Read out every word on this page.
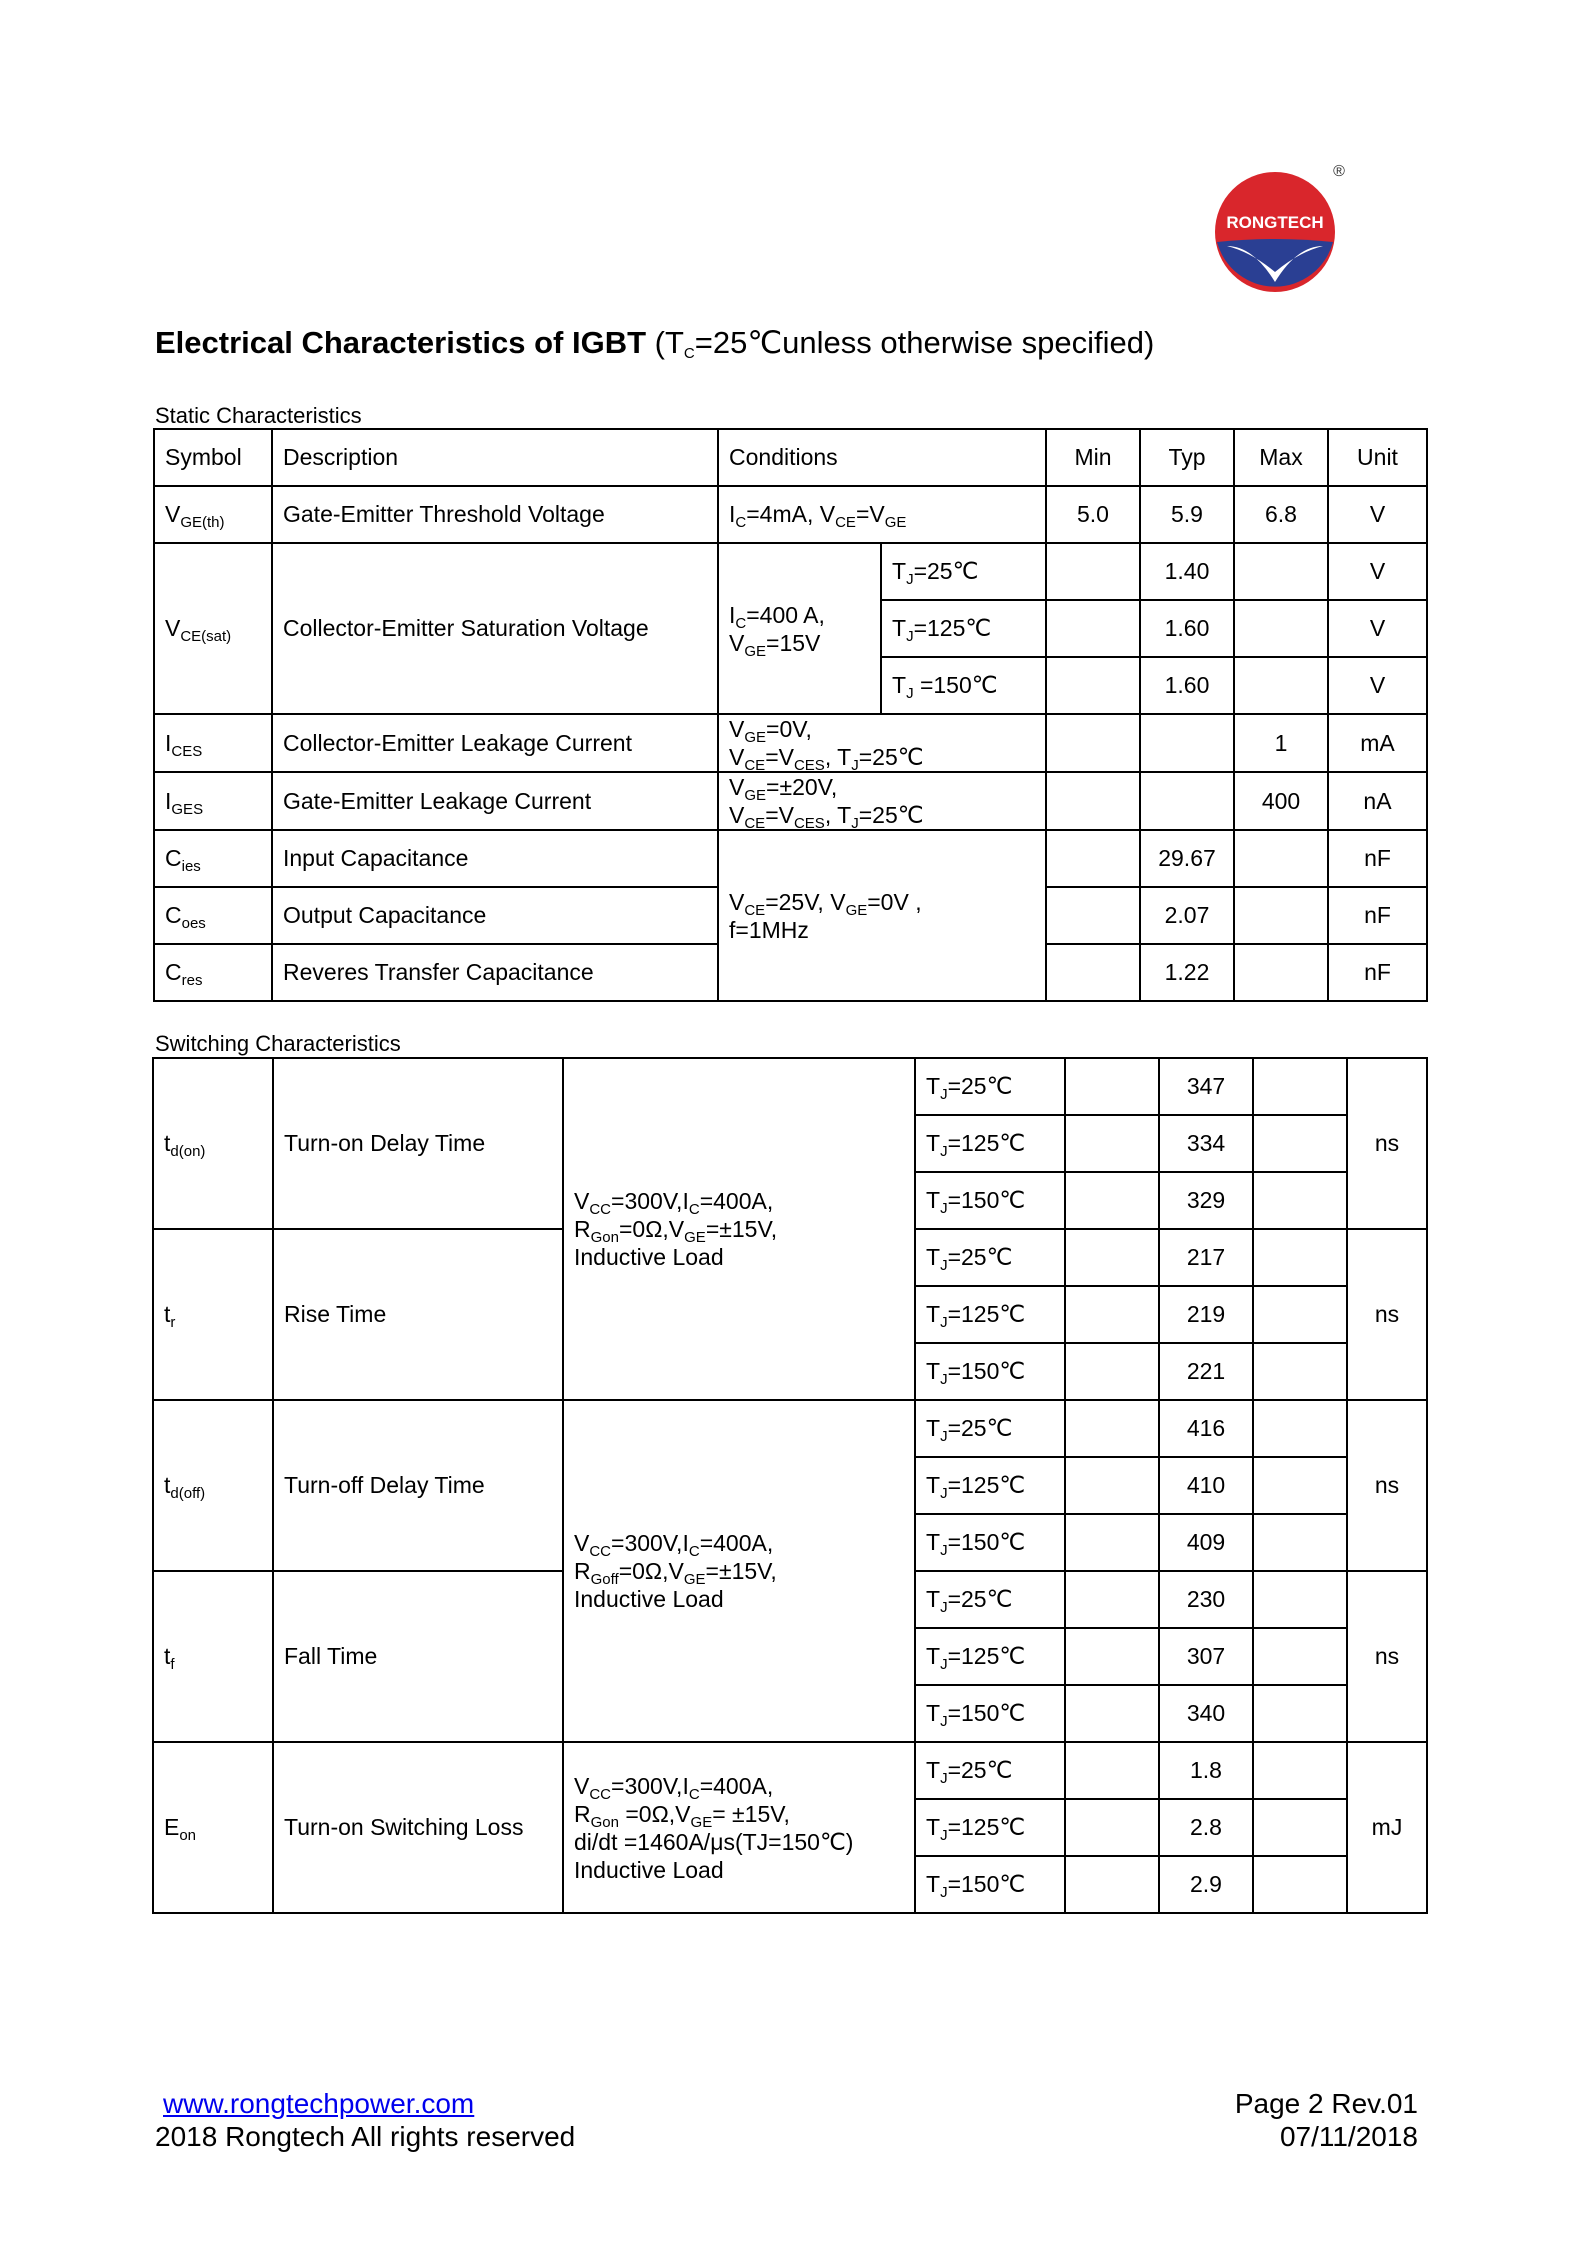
RONGTECH
®
Electrical Characteristics of IGBT ($T_C=25℃unless$ otherwise specified)
Static Characteristics
Symbol	Description	Conditions		Min	Typ	Max	Unit
$V_{GE(th)}$	Gate-Emitter Threshold Voltage	$I_C=4mA$, $V_{CE}=V_{GE}$		5.0	5.9	6.8	V
$V_{CE(sat)}$	Collector-Emitter Saturation Voltage	$I_C=400$ A,
$V_{GE}=15V$	$T_J=25℃$		1.40		V
			$T_J=125℃$		1.60		V
			$T_J$ =150℃		1.60		V
$I_{CES}$	Collector-Emitter Leakage Current	$V_{GE}=0V$,
$V_{CE}=V_{CES}$, $T_J=25℃$				1	mA
$I_{GES}$	Gate-Emitter Leakage Current	$V_{GE}=\pm 20V$,
$V_{CE}=V_{CES}$, $T_J=25℃$				400	nA
$C_{ies}$	Input Capacitance	$V_{CE}=25V$, $V_{GE}=0V$ ,
f=1MHz			29.67		nF
$C_{oes}$	Output Capacitance				2.07		nF
$C_{res}$	Reveres Transfer Capacitance				1.22		nF
Switching Characteristics
$t_{d(on)}$	Turn-on Delay Time	$V_{CC}=300V,I_C=400A$,
$R_{Gon}=0\Omega,V_{GE}=\pm 15V$,
Inductive Load	$T_J=25℃$		347		ns
			$T_J=125℃$		334		
			$T_J=150℃$		329		
$t_r$	Rise Time		$T_J=25℃$		217		ns
			$T_J=125℃$		219		
			$T_J=150℃$		221		
$t_{d(off)}$	Turn-off Delay Time	$V_{CC}=300V,I_C=400A$,
$R_{Goff}=0\Omega,V_{GE}=\pm 15V$,
Inductive Load	$T_J=25℃$		416		ns
			$T_J=125℃$		410		
			$T_J=150℃$		409		
$t_f$	Fall Time		$T_J=25℃$		230		ns
			$T_J=125℃$		307		
			$T_J=150℃$		340		
$E_{on}$	Turn-on Switching Loss	$V_{CC}=300V,I_C=400A$,
$R_{Gon} =0\Omega,V_{GE}= \pm 15V$,
di/dt =1460A/μs(TJ=150℃)
Inductive Load	$T_J=25℃$		1.8		mJ
			$T_J=125℃$		2.8		
			$T_J=150℃$		2.9		
www.rongtechpower.com
2018 Rongtech All rights reserved
Page 2 Rev.01
07/11/2018
